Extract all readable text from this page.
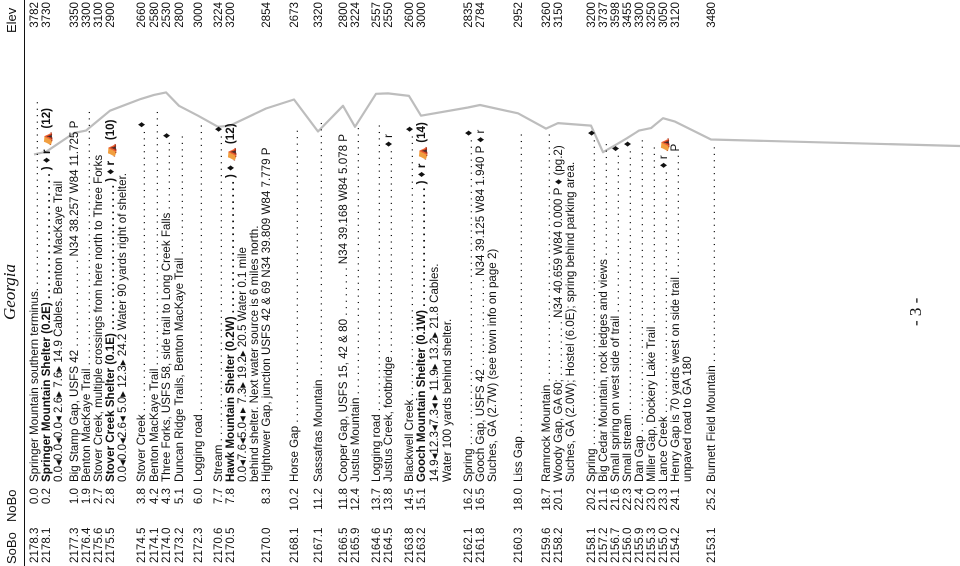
SoBo
NoBo
Georgia
Elev
2178.3
0.0
Springer Mountain southern terminus. . . . . . . . . . . . . . . . . . . . . . . . . . . . . .
3782
2178.1
0.2
Springer Mountain Shelter (0.2E) . . . . . . . . . . . . . . . . . . . . ) ♦ r ⛺ (12)
3730
0.0◂0.0◂0.0◂ 2.6▸ 7.6▸ 14.9 Cables. Benton MacKaye Trail
2177.3
1.0
Big Stamp Gap, USFS 42 . . . . . . . . . . . . . . N34 38.257 W84 11.725 P
3350
2176.4
1.9
Benton MacKaye Trail . . . . . . . . . . . . . . . . . . . . . . . . . . . . . . . . . . . . . . . .
3300
2175.6
2.7
Stover Creek, multiple crossings from here north to Three Forks
3100
2175.5
2.8
Stover Creek Shelter (0.1E) . . . . . . . . . . . . . . . . . . . . . . . ) ♦ r ⛺ (10)
2900
0.0◂0.0◂2.6◂ 5.0▸ 12.3▸ 24.2 Water 90 yards right of shelter.
2174.5
3.8
Stover Creek . . . . . . . . . . . . . . . . . . . . . . . . . . . . . . . . . . . . . . . . . . . . ♦
2660
2174.1
4.2
Benton MacKaye Trail . . . . . . . . . . . . . . . . . . . . . . . . . . . . . . . . . . . . . . . .
2580
2174.0
4.3
Three Forks, USFS 58, side trail to Long Creek Falls . . . . . . . . . . . ♦
2530
2173.2
5.1
Duncan Ridge Trails, Benton MacKaye Trail . . . . . . . . . . . . . . . . . . .
2800
2172.3
6.0
Logging road . . . . . . . . . . . . . . . . . . . . . . . . . . . . . . . . . . . . . . . . . . . . .
3000
2170.6
7.7
Stream . . . . . . . . . . . . . . . . . . . . . . . . . . . . . . . . . . . . . . . . . . . . . . . . ♦
3224
2170.5
7.8
Hawk Mountain Shelter (0.2W) . . . . . . . . . . . . . . . . . . . . . ) ♦ ⛺ (12)
3200
0.0◂7.6◂5.0◂ ▸ 7.3▸ 19.2▸ 20.5 Water 0.1 mile behind shelter. Next water source is 6 miles north.
2170.0
8.3
Hightower Gap, junction USFS 42 & 69 N34 39.809 W84 7.779 P
2854
2168.1
10.2
Horse Gap . . . . . . . . . . . . . . . . . . . . . . . . . . . . . . . . . . . . . . . . . . . . . .
2673
2167.1
11.2
Sassafras Mountain . . . . . . . . . . . . . . . . . . . . . . . . . . . . . . . . . . . . . . . .
3320
2166.5
11.8
Cooper Gap, USFS 15, 42 & 80 . . . . . . . . N34 39.168 W84 5.078 P
2800
2165.9
12.4
Justus Mountain . . . . . . . . . . . . . . . . . . . . . . . . . . . . . . . . . . . . . . . . . .
3224
2164.6
13.7
Logging road . . . . . . . . . . . . . . . . . . . . . . . . . . . . . . . . . . . . . . . . . . . . .
2557
2164.5
13.8
Justus Creek, footbridge . . . . . . . . . . . . . . . . . . . . . . . . . . . . . . . . ♦ r
2550
2163.8
14.5
Blackwell Creek . . . . . . . . . . . . . . . . . . . . . . . . . . . . . . . . . . . . . . . . . ♦
2600
2163.2
15.1
Gooch Mountain Shelter (0.1W) . . . . . . . . . . . . . . . . . . . ) ♦ r ⛺ (14)
3000
14.9◂12.3◂7.3◂ ▸ 11.9▸ 13.2▸ 21.8 Cables. Water 100 yards behind shelter.
2162.1
16.2
Spring . . . . . . . . . . . . . . . . . . . . . . . . . . . . . . . . . . . . . . . . . . . . . . . . ♦
2835
2161.8
16.5
Gooch Gap, USFS 42 . . . . . . . . . . . . . . N34 39.125 W84 1.940 P ♦ r
2784
Suches, GA (2.7W) (see town info on page 2)
2160.3
18.0
Liss Gap . . . . . . . . . . . . . . . . . . . . . . . . . . . . . . . . . . . . . . . . . . . . . . .
2952
2159.6
18.7
Ramrock Mountain . . . . . . . . . . . . . . . . . . . . . . . . . . . . . . . . . . . . . . .
3260
2158.2
20.1
Woody Gap, GA 60; . . . . . . . . . N34 40.659 W84 0.000 P ♦ (pg.2)
3150
Suches, GA (2.0W); Hostel (6.0E); spring behind parking area.
2158.1
20.2
Spring . . . . . . . . . . . . . . . . . . . . . . . . . . . . . . . . . . . . . . . . . . . . . . . . ♦
3200
2157.2
21.1
Big Cedar Mountain, rock ledges and views . . . . . . . . . . . . . . . . . .
3737
2156.7
21.6
Small spring on west side of trail . . . . . . . . . . . . . . . . . . . . . . . . . ♦
3598
2156.0
22.3
Small stream . . . . . . . . . . . . . . . . . . . . . . . . . . . . . . . . . . . . . . . . . ♦
3455
2155.9
22.4
Dan Gap . . . . . . . . . . . . . . . . . . . . . . . . . . . . . . . . . . . . . . . . . . . . . .
3300
2155.3
23.0
Miller Gap, Dockery Lake Trail . . . . . . . . . . . . . . . . . . . . . . . . . . . .
3250
2155.0
23.3
Lance Creek . . . . . . . . . . . . . . . . . . . . . . . . . . . . . . . . . . . . . . ♦ r ⛺
3050
2154.2
24.1
Henry Gap is 70 yards west on side trail . . . . . . . . . . . . . . . . . . . P
3120
unpaved road to GA 180
2153.1
25.2
Burnett Field Mountain . . . . . . . . . . . . . . . . . . . . . . . . . . . . . . . . . .
3480
- 3 -
